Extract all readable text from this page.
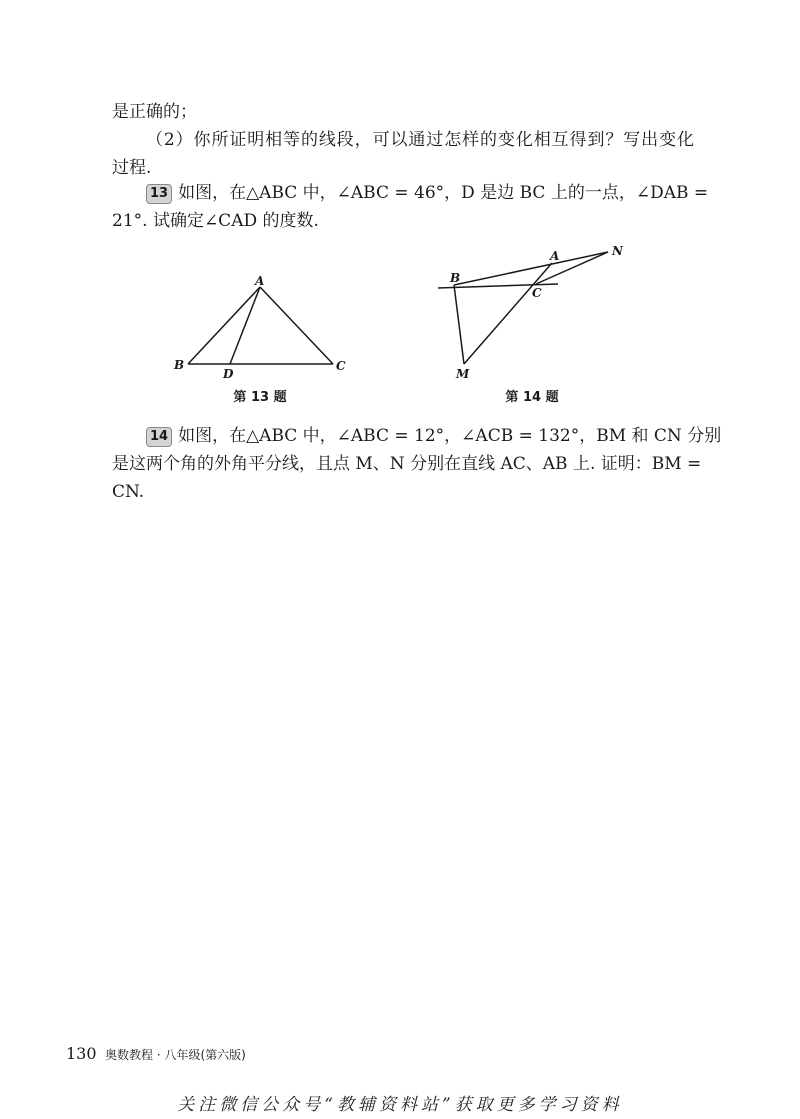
是正确的；
（2）你所证明相等的线段，可以通过怎样的变化相互得到？写出变化
过程.
13 如图，在△ABC 中，∠ABC = 46°，D 是边 BC 上的一点，∠DAB =
21°. 试确定∠CAD 的度数.
A
B	C
D
第 13 题
A
B
C
M
N
第 14 题
14 如图，在△ABC 中，∠ABC = 12°，∠ACB = 132°，BM 和 CN 分别
是这两个角的外角平分线，且点 M、N 分别在直线 AC、AB 上. 证明：BM =
CN.
130 奥数教程 · 八年级(第六版)
关注微信公众号“教辅资料站”获取更多学习资料
